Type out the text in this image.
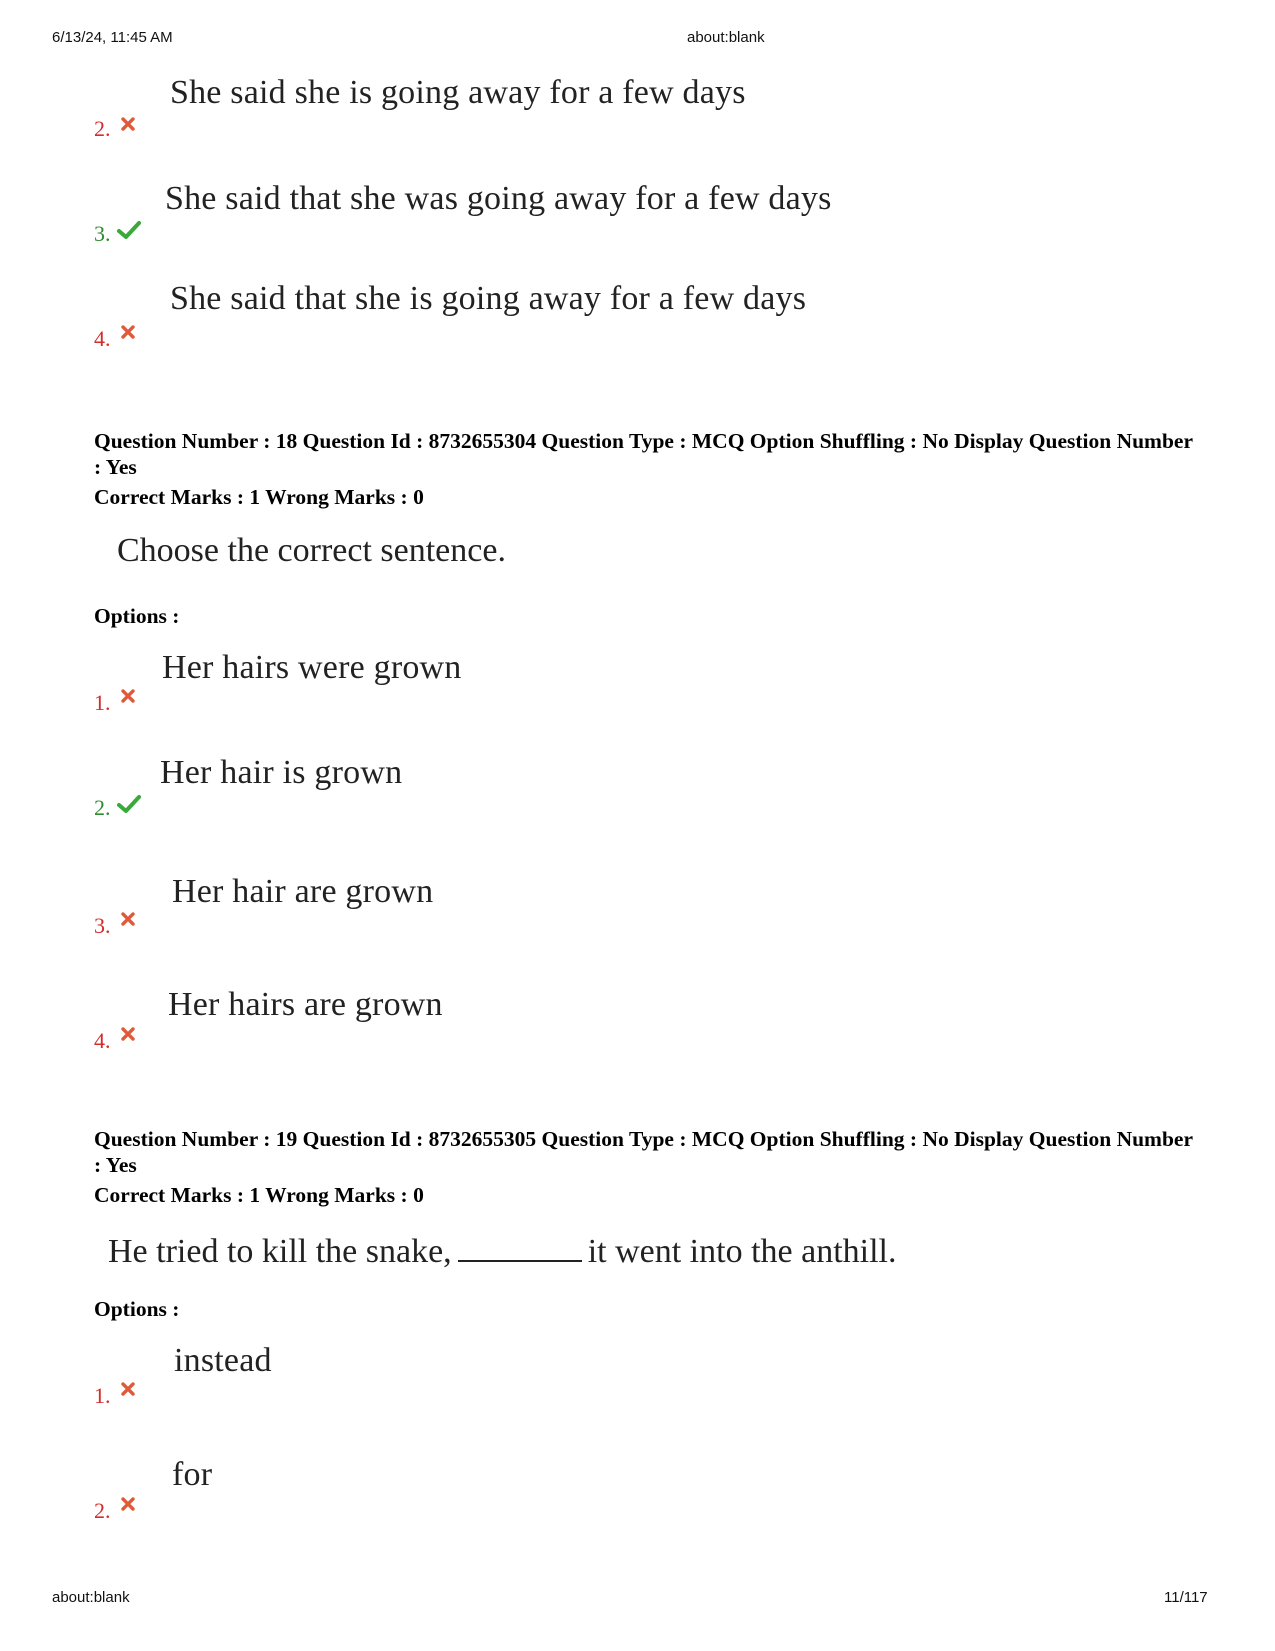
6/13/24, 11:45 AM	about:blank
She said she is going away for a few days
2.
She said that she was going away for a few days
3.
She said that she is going away for a few days
4.
Question Number : 18 Question Id : 8732655304 Question Type : MCQ Option Shuffling : No Display Question Number : Yes
Correct Marks : 1 Wrong Marks : 0
Choose the correct sentence.
Options :
Her hairs were grown
1.
Her hair is grown
2.
Her hair are grown
3.
Her hairs are grown
4.
Question Number : 19 Question Id : 8732655305 Question Type : MCQ Option Shuffling : No Display Question Number : Yes
Correct Marks : 1 Wrong Marks : 0
He tried to kill the snake,	it went into the anthill.
Options :
instead
1.
for
2.
about:blank	11/117
